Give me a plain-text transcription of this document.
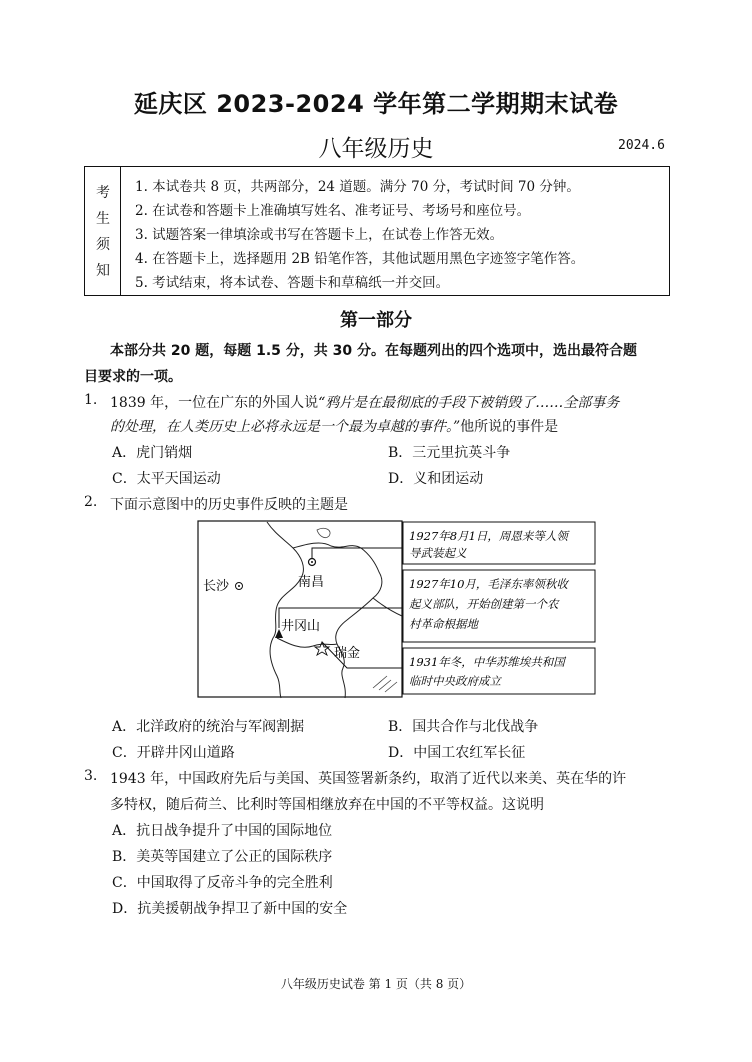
延庆区 2023-2024 学年第二学期期末试卷
八年级历史	2024.6
考
生
须
知
1. 本试卷共 8 页，共两部分，24 道题。满分 70 分，考试时间 70 分钟。
2. 在试卷和答题卡上准确填写姓名、准考证号、考场号和座位号。
3. 试题答案一律填涂或书写在答题卡上，在试卷上作答无效。
4. 在答题卡上，选择题用 2B 铅笔作答，其他试题用黑色字迹签字笔作答。
5. 考试结束，将本试卷、答题卡和草稿纸一并交回。
第一部分
本部分共 20 题，每题 1.5 分，共 30 分。在每题列出的四个选项中，选出最符合题
目要求的一项。
1. 1839 年，一位在广东的外国人说“鸦片是在最彻底的手段下被销毁了……全部事务
的处理，在人类历史上必将永远是一个最为卓越的事件。”他所说的事件是
A．虎门销烟	B．三元里抗英斗争
C．太平天国运动	D．义和团运动
2. 下面示意图中的历史事件反映的主题是
长沙	南昌
井冈山
瑞金
1927年8月1日，周恩来等人领
导武装起义
1927年10月，毛泽东率领秋收
起义部队，开始创建第一个农
村革命根据地
1931年冬，中华苏维埃共和国
临时中央政府成立
A．北洋政府的统治与军阀割据	B．国共合作与北伐战争
C．开辟井冈山道路	D．中国工农红军长征
3. 1943 年，中国政府先后与美国、英国签署新条约，取消了近代以来美、英在华的许
多特权，随后荷兰、比利时等国相继放弃在中国的不平等权益。这说明
A．抗日战争提升了中国的国际地位
B．美英等国建立了公正的国际秩序
C．中国取得了反帝斗争的完全胜利
D．抗美援朝战争捍卫了新中国的安全
八年级历史试卷 第 1 页（共 8 页）
